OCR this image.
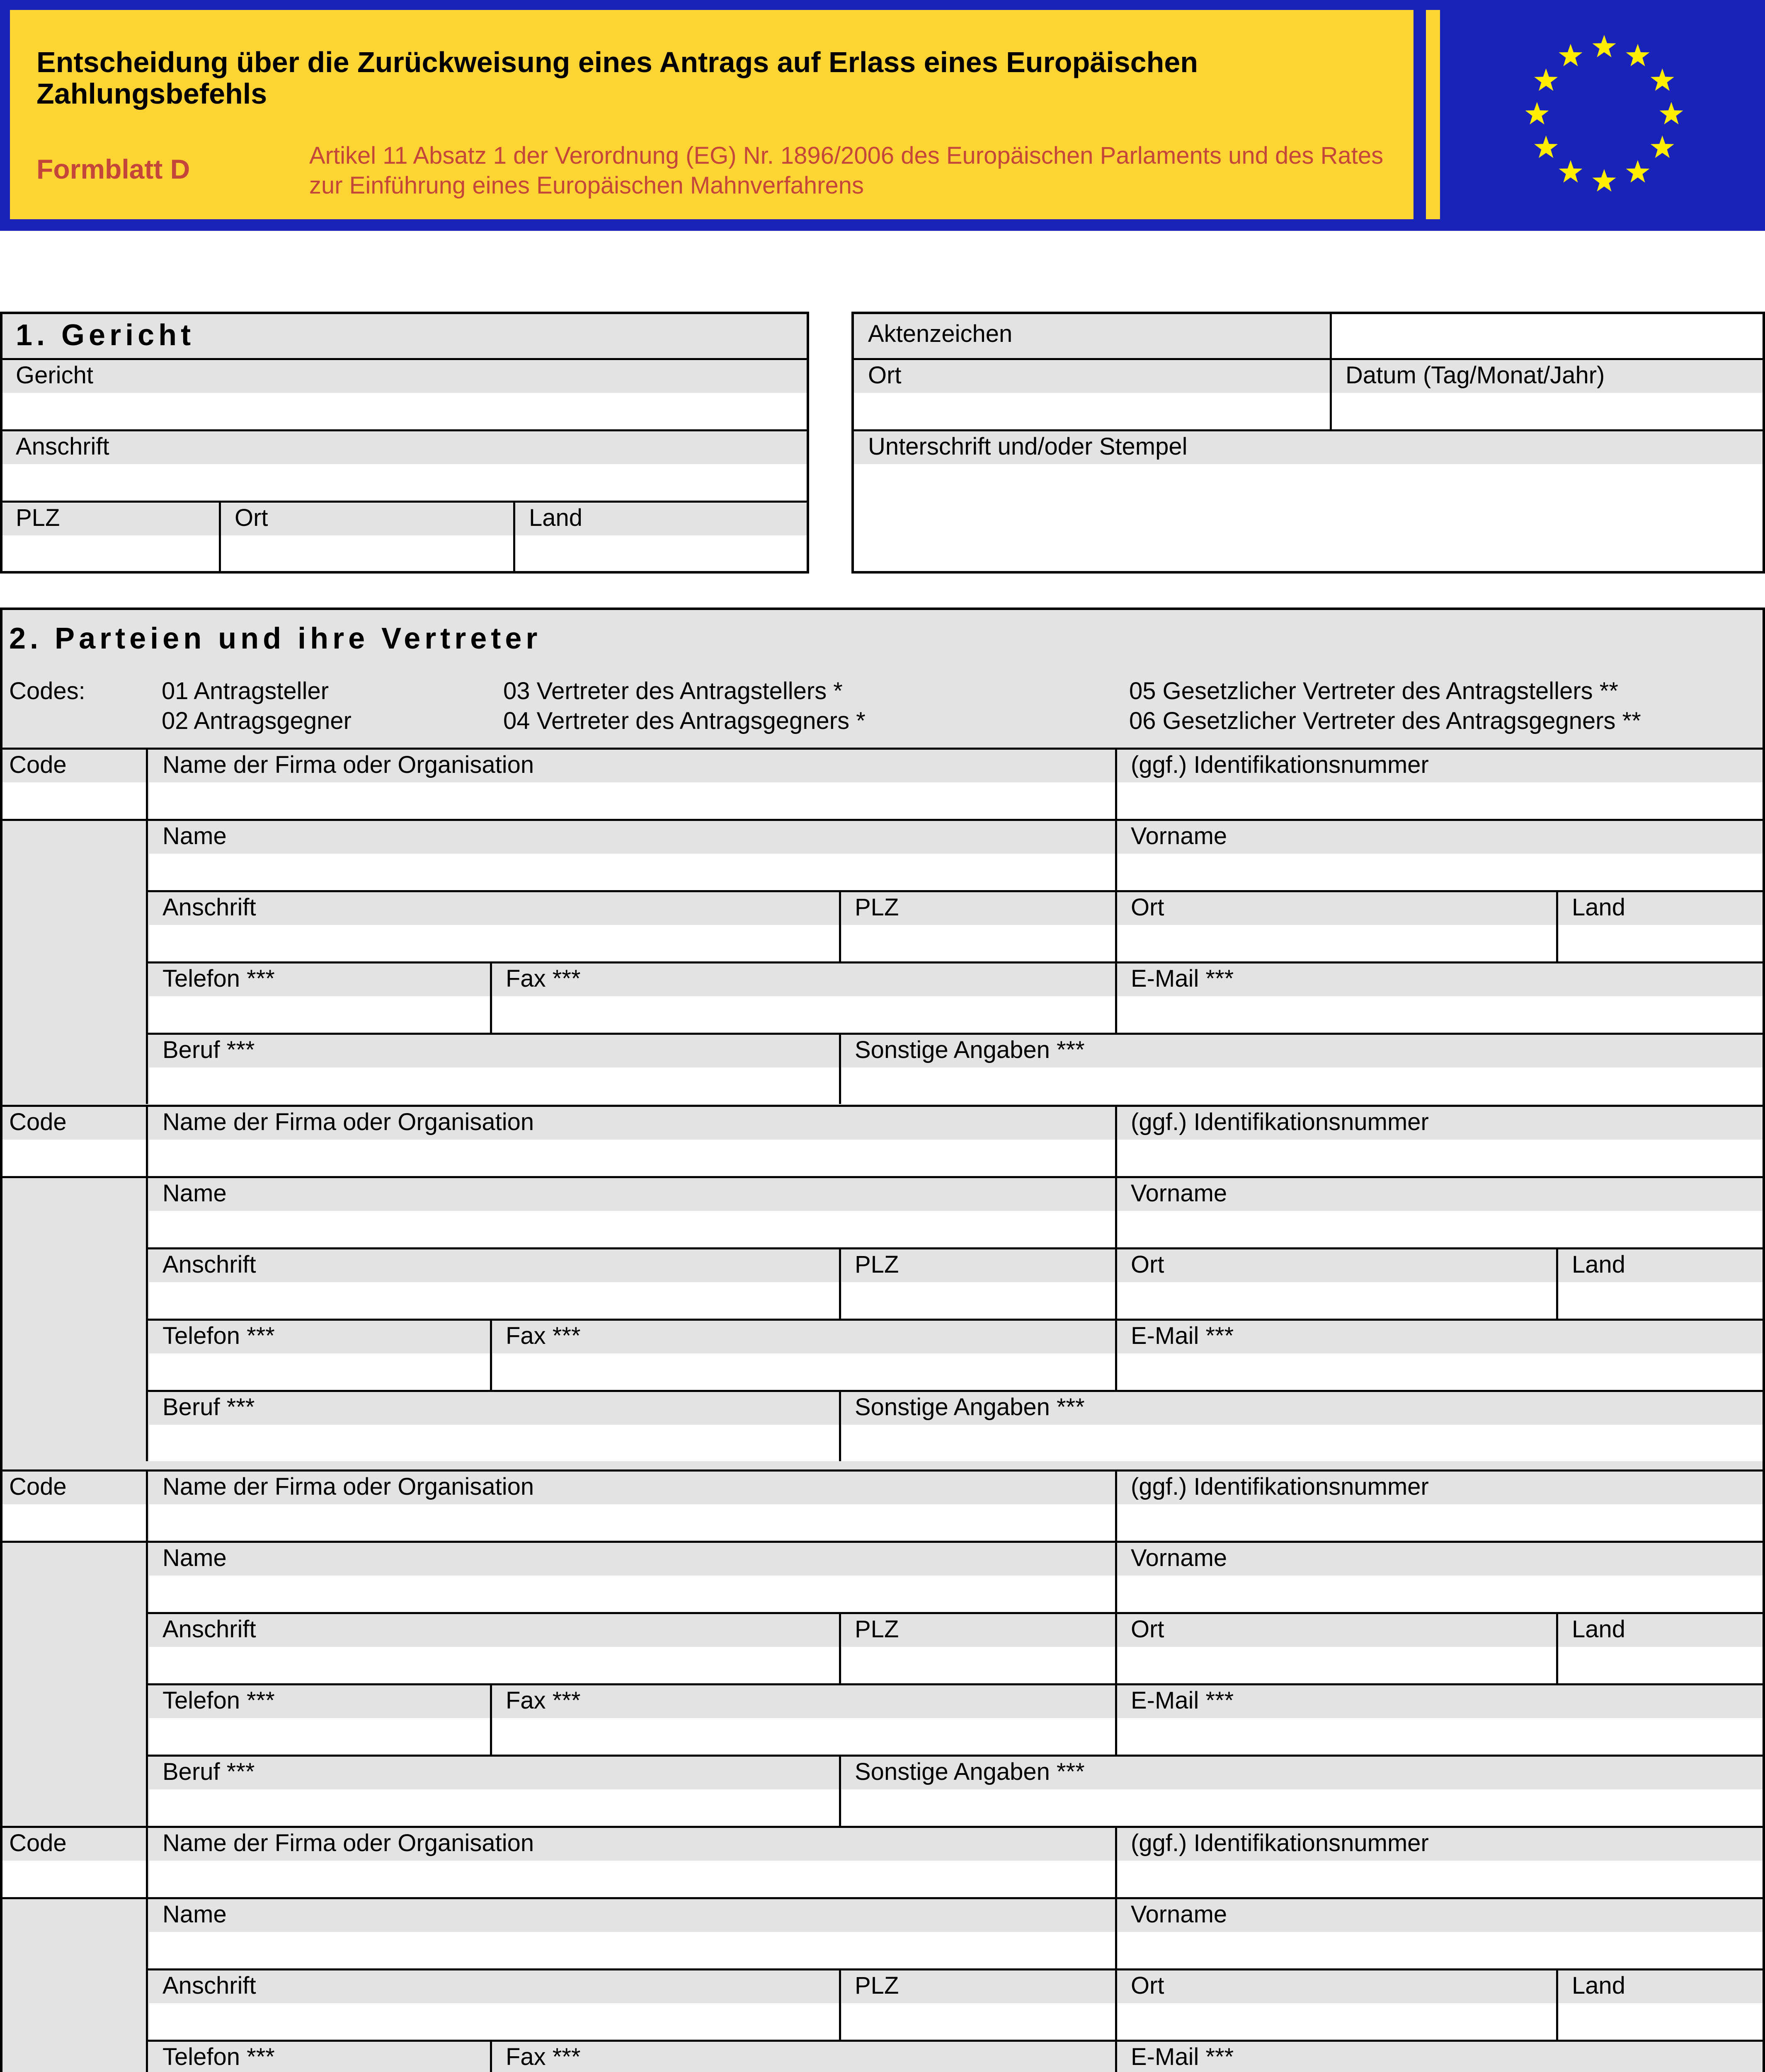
Entscheidung über die Zurückweisung eines Antrags auf Erlass eines Europäischen Zahlungsbefehls
Formblatt D	Artikel 11 Absatz 1 der Verordnung (EG) Nr. 1896/2006 des Europäischen Parlaments und des Rates zur Einführung eines Europäischen Mahnverfahrens
1. Gericht
Gericht
Anschrift
PLZ	Ort	Land
Aktenzeichen
Ort	Datum (Tag/Monat/Jahr)
Unterschrift und/oder Stempel
2. Parteien und ihre Vertreter
Codes:	01 Antragsteller
02 Antragsgegner
03 Vertreter des Antragstellers *
04 Vertreter des Antragsgegners *
05 Gesetzlicher Vertreter des Antragstellers **
06 Gesetzlicher Vertreter des Antragsgegners **
Code	Name der Firma oder Organisation	(ggf.) Identifikationsnummer
Name	Vorname
Anschrift	PLZ	Ort	Land
Telefon ***	Fax ***	E-Mail ***
Beruf ***	Sonstige Angaben ***
Code	Name der Firma oder Organisation	(ggf.) Identifikationsnummer
Name	Vorname
Anschrift	PLZ	Ort	Land
Telefon ***	Fax ***	E-Mail ***
Beruf ***	Sonstige Angaben ***
Code	Name der Firma oder Organisation	(ggf.) Identifikationsnummer
Name	Vorname
Anschrift	PLZ	Ort	Land
Telefon ***	Fax ***	E-Mail ***
Beruf ***	Sonstige Angaben ***
Code	Name der Firma oder Organisation	(ggf.) Identifikationsnummer
Name	Vorname
Anschrift	PLZ	Ort	Land
Telefon ***	Fax ***	E-Mail ***
